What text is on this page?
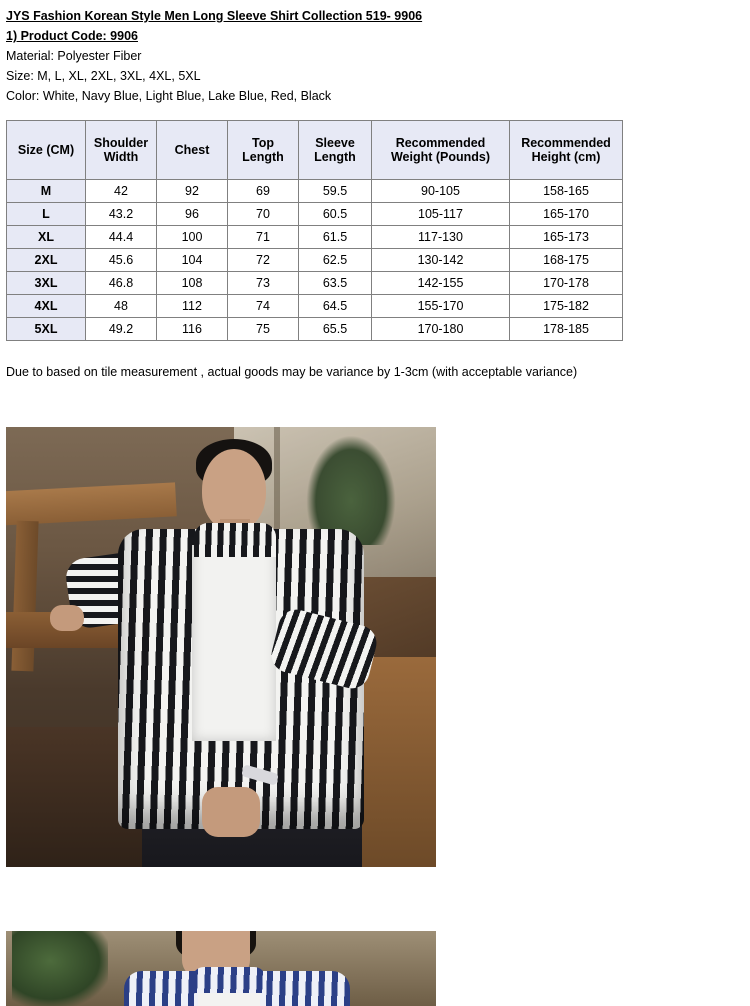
JYS Fashion Korean Style Men Long Sleeve Shirt Collection 519- 9906
1) Product Code: 9906
Material: Polyester Fiber
Size: M, L, XL, 2XL, 3XL, 4XL, 5XL
Color: White, Navy Blue, Light Blue, Lake Blue, Red, Black
Size (CM)	Shoulder Width	Chest	Top Length	Sleeve Length	Recommended Weight (Pounds)	Recommended Height (cm)
M	42	92	69	59.5	90-105	158-165
L	43.2	96	70	60.5	105-117	165-170
XL	44.4	100	71	61.5	117-130	165-173
2XL	45.6	104	72	62.5	130-142	168-175
3XL	46.8	108	73	63.5	142-155	170-178
4XL	48	112	74	64.5	155-170	175-182
5XL	49.2	116	75	65.5	170-180	178-185
Due to based on tile measurement , actual goods may be variance by 1-3cm (with acceptable variance)
